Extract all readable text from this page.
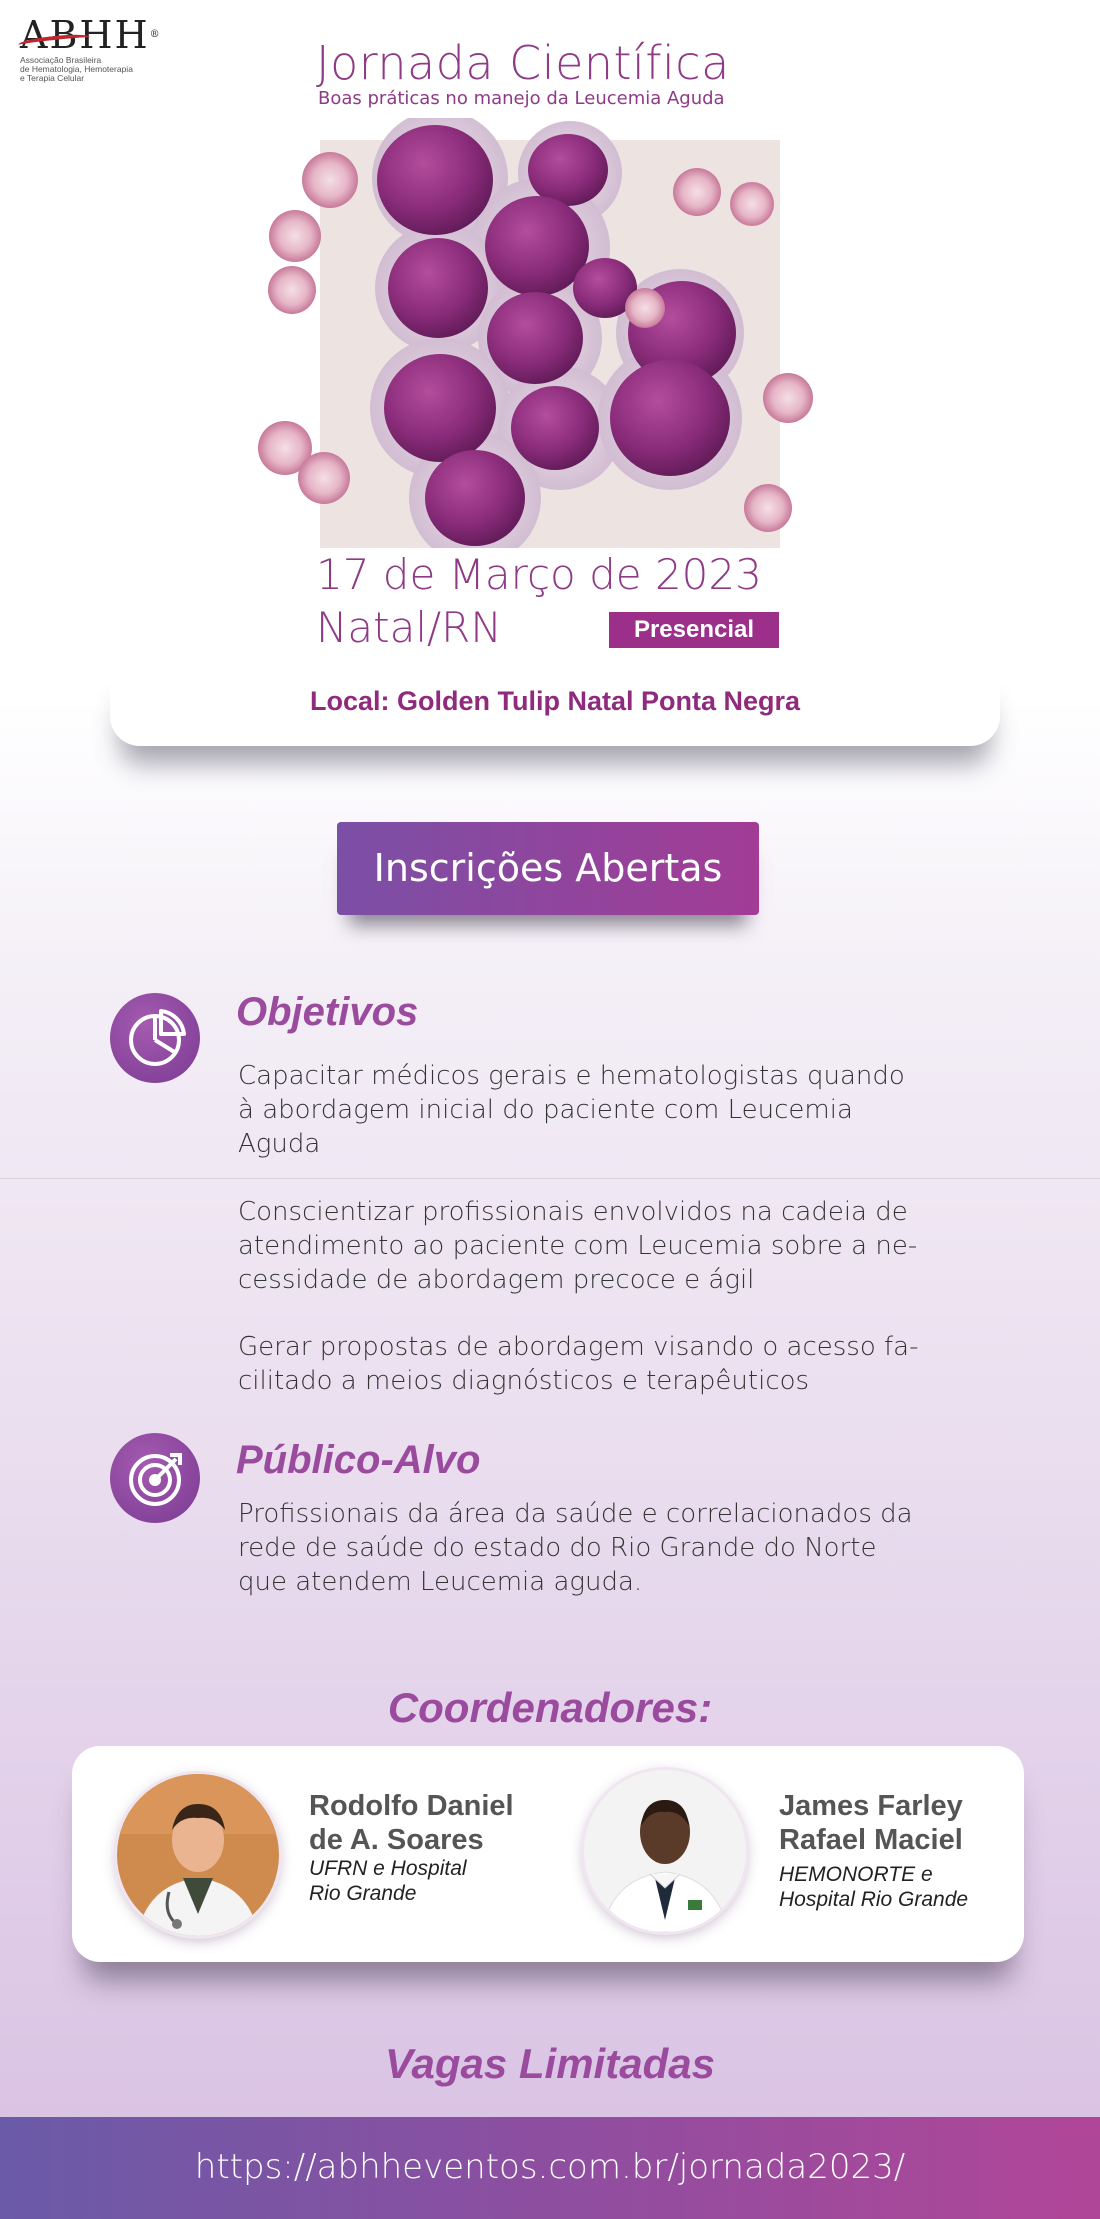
ABHH®
Associação Brasileira
de Hematologia, Hemoterapia
e Terapia Celular	Jornada Científica
Boas práticas no manejo da Leucemia Aguda
17 de Março de 2023
Natal/RN	Presencial
Local: Golden Tulip Natal Ponta Negra
Inscrições Abertas
Objetivos
Capacitar médicos gerais e hematologistas quando
à abordagem inicial do paciente com Leucemia
Aguda
Conscientizar profissionais envolvidos na cadeia de
atendimento ao paciente com Leucemia sobre a ne-
cessidade de abordagem precoce e ágil
Gerar propostas de abordagem visando o acesso fa-
cilitado a meios diagnósticos e terapêuticos
Público-Alvo
Profissionais da área da saúde e correlacionados da
rede de saúde do estado do Rio Grande do Norte
que atendem Leucemia aguda.
Coordenadores:
Rodolfo Daniel
de A. Soares
UFRN e Hospital
Rio Grande
James Farley
Rafael Maciel
HEMONORTE e
Hospital Rio Grande
Vagas Limitadas
https://abhheventos.com.br/jornada2023/
